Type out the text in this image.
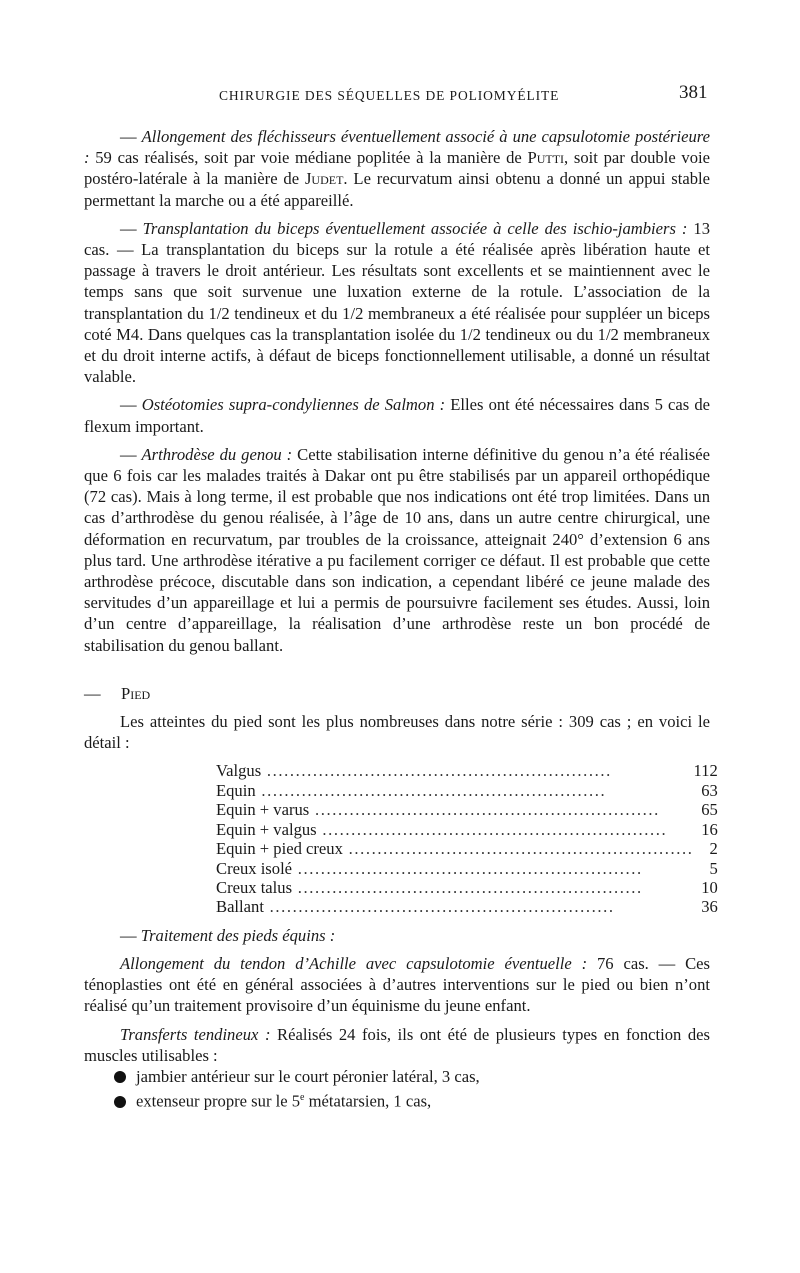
CHIRURGIE DES SÉQUELLES DE POLIOMYÉLITE	381

— Allongement des fléchisseurs éventuellement associé à une capsulotomie postérieure : 59 cas réalisés, soit par voie médiane poplitée à la manière de Putti, soit par double voie postéro-latérale à la manière de Judet. Le recurvatum ainsi obtenu a donné un appui stable permettant la marche ou a été appareillé.

— Transplantation du biceps éventuellement associée à celle des ischio-jambiers : 13 cas. — La transplantation du biceps sur la rotule a été réalisée après libération haute et passage à travers le droit antérieur. Les résultats sont excellents et se maintiennent avec le temps sans que soit survenue une luxation externe de la rotule. L’association de la transplantation du 1/2 tendineux et du 1/2 membraneux a été réalisée pour suppléer un biceps coté M4. Dans quelques cas la transplantation isolée du 1/2 tendineux ou du 1/2 membraneux et du droit interne actifs, à défaut de biceps fonctionnellement utilisable, a donné un résultat valable.

— Ostéotomies supra-condyliennes de Salmon : Elles ont été nécessaires dans 5 cas de flexum important.

— Arthrodèse du genou : Cette stabilisation interne définitive du genou n’a été réalisée que 6 fois car les malades traités à Dakar ont pu être stabilisés par un appareil orthopédique (72 cas). Mais à long terme, il est probable que nos indications ont été trop limitées. Dans un cas d’arthrodèse du genou réalisée, à l’âge de 10 ans, dans un autre centre chirurgical, une déformation en recurvatum, par troubles de la croissance, atteignait 240° d’extension 6 ans plus tard. Une arthrodèse itérative a pu facilement corriger ce défaut. Il est probable que cette arthrodèse précoce, discutable dans son indication, a cependant libéré ce jeune malade des servitudes d’un appareillage et lui a permis de poursuivre facilement ses études. Aussi, loin d’un centre d’appareillage, la réalisation d’une arthrodèse reste un bon procédé de stabilisation du genou ballant.

— Pied

Les atteintes du pied sont les plus nombreuses dans notre série : 309 cas ; en voici le détail :

Valgus ............................................................	112
Equin ............................................................	63
Equin + varus ............................................................	65
Equin + valgus ............................................................	16
Equin + pied creux ............................................................	2
Creux isolé ............................................................	5
Creux talus ............................................................	10
Ballant ............................................................	36

— Traitement des pieds équins :

Allongement du tendon d’Achille avec capsulotomie éventuelle : 76 cas. — Ces ténoplasties ont été en général associées à d’autres interventions sur le pied ou bien n’ont réalisé qu’un traitement provisoire d’un équinisme du jeune enfant.

Transferts tendineux : Réalisés 24 fois, ils ont été de plusieurs types en fonction des muscles utilisables :

jambier antérieur sur le court péronier latéral, 3 cas,
extenseur propre sur le 5e métatarsien, 1 cas,
